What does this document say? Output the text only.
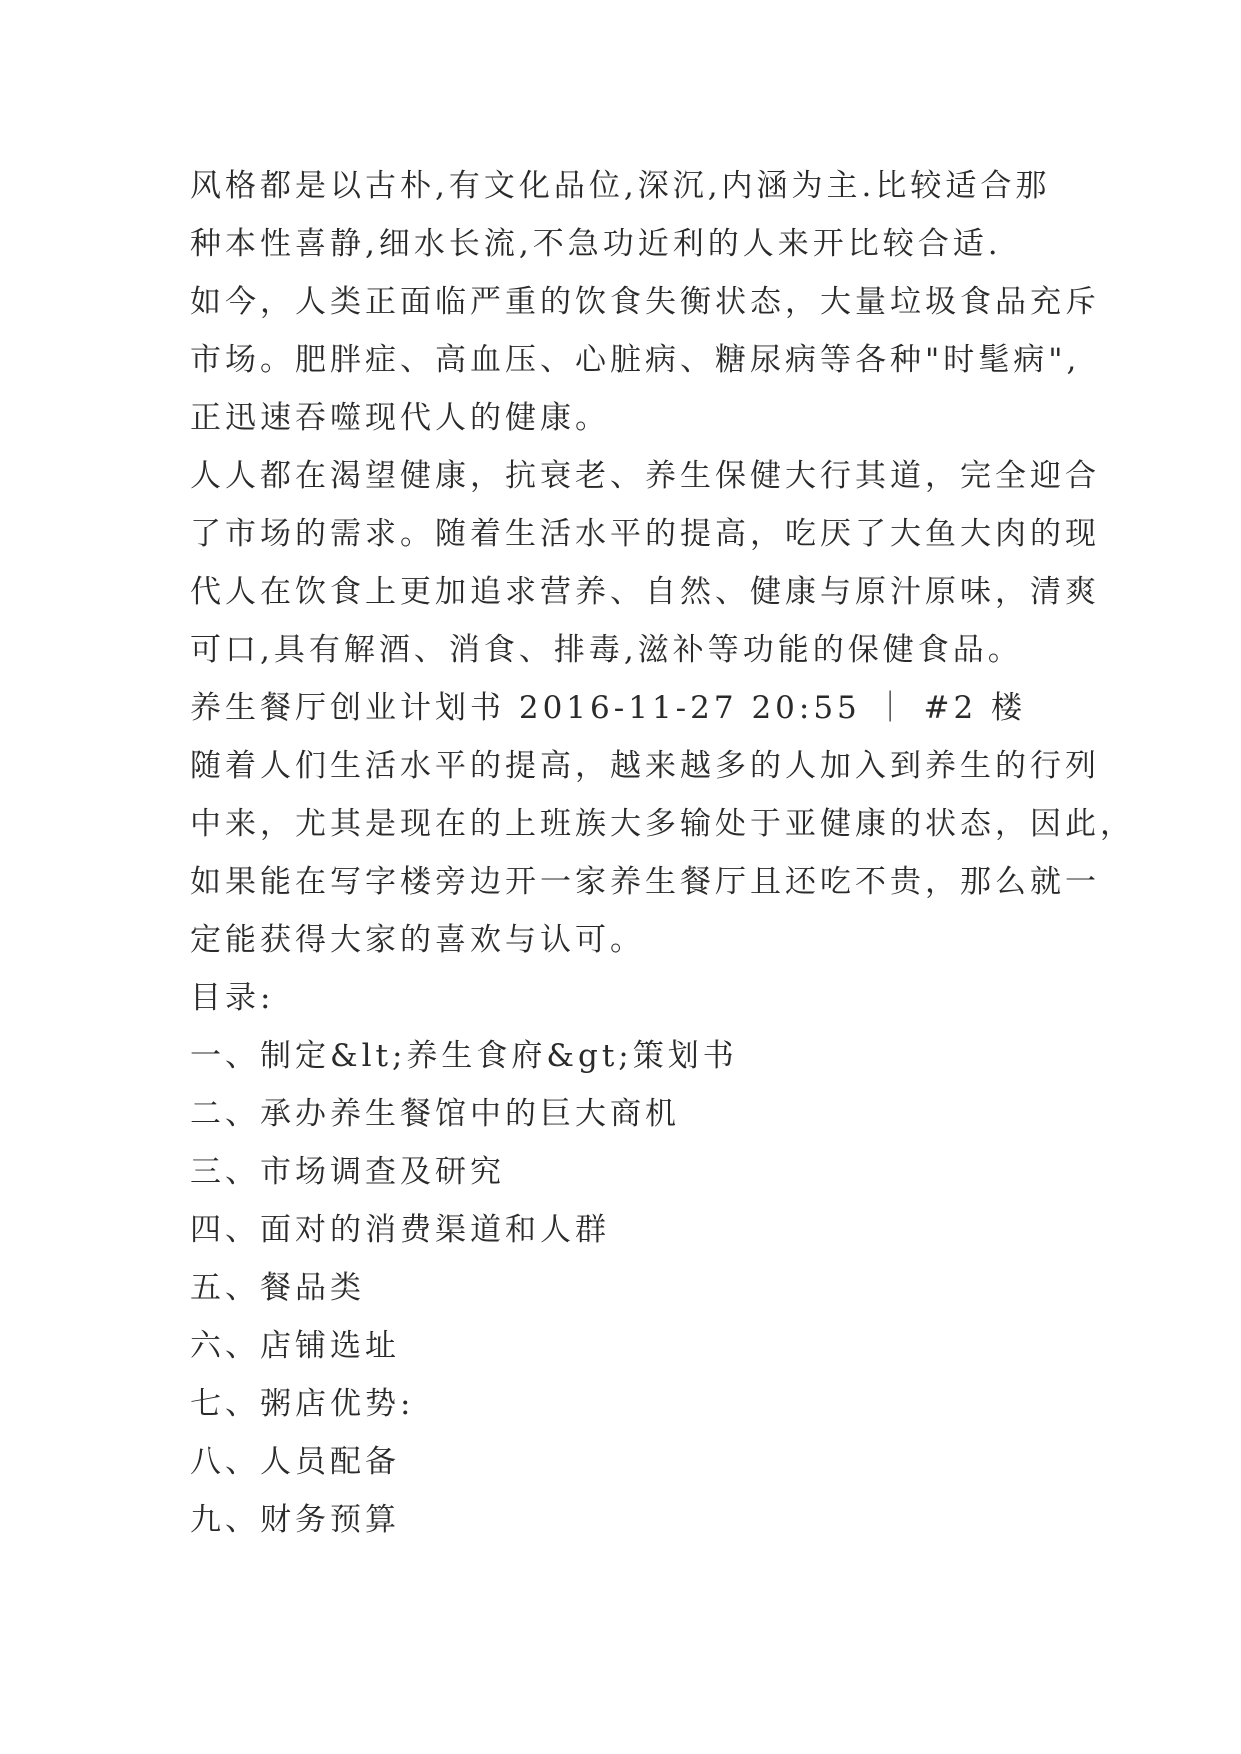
风格都是以古朴,有文化品位,深沉,内涵为主.比较适合那
种本性喜静,细水长流,不急功近利的人来开比较合适.
如今，人类正面临严重的饮食失衡状态，大量垃圾食品充斥
市场。肥胖症、高血压、心脏病、糖尿病等各种"时髦病",
正迅速吞噬现代人的健康。
人人都在渴望健康，抗衰老、养生保健大行其道，完全迎合
了市场的需求。随着生活水平的提高，吃厌了大鱼大肉的现
代人在饮食上更加追求营养、自然、健康与原汁原味，清爽
可口,具有解酒、消食、排毒,滋补等功能的保健食品。
养生餐厅创业计划书 2016-11-27 20:55 ｜ #2 楼
随着人们生活水平的提高，越来越多的人加入到养生的行列
中来，尤其是现在的上班族大多输处于亚健康的状态，因此，
如果能在写字楼旁边开一家养生餐厅且还吃不贵，那么就一
定能获得大家的喜欢与认可。
目录:
一、制定&lt;养生食府&gt;策划书
二、承办养生餐馆中的巨大商机
三、市场调查及研究
四、面对的消费渠道和人群
五、餐品类
六、店铺选址
七、粥店优势:
八、人员配备
九、财务预算
